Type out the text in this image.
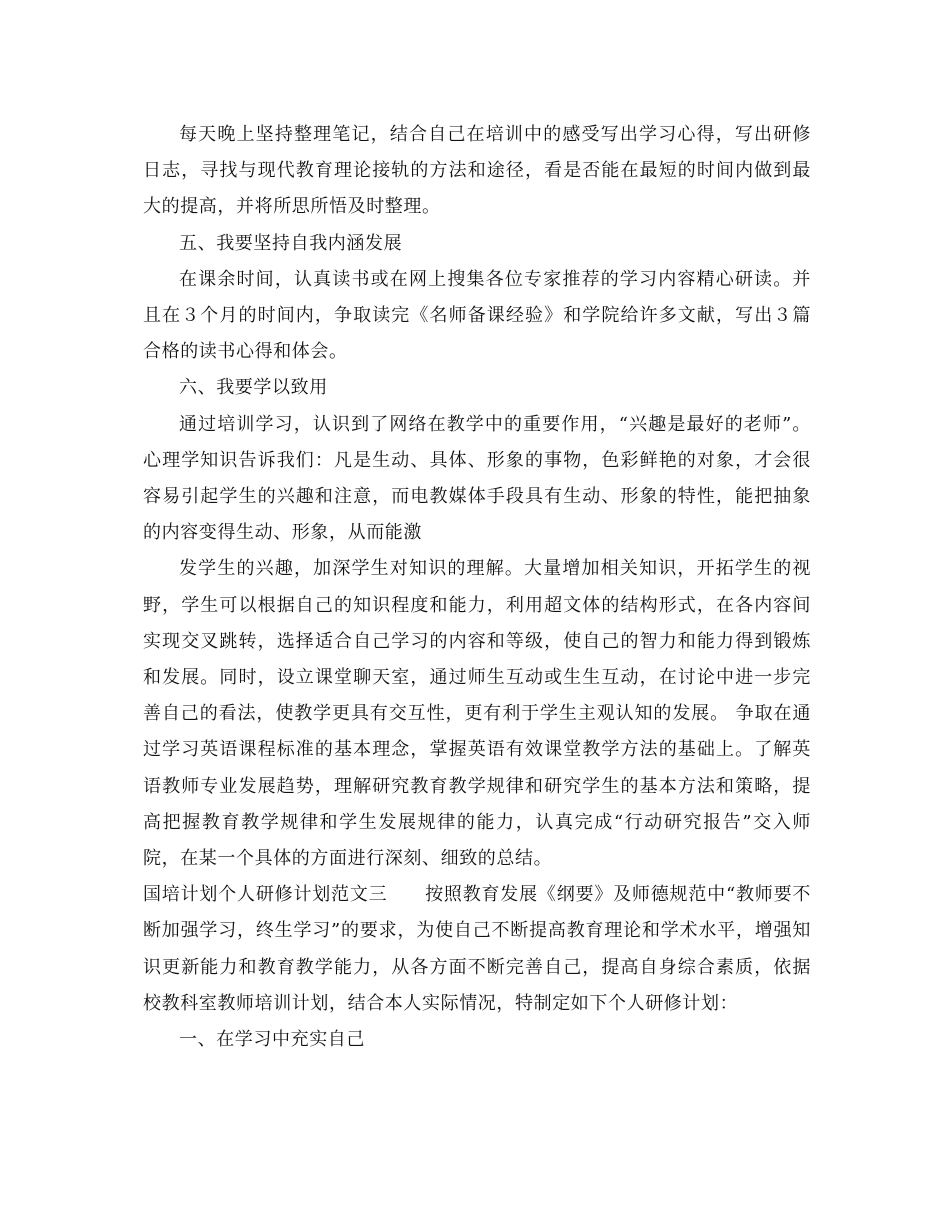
每天晚上坚持整理笔记，结合自己在培训中的感受写出学习心得，写出研修日志，寻找与现代教育理论接轨的方法和途径，看是否能在最短的时间内做到最大的提高，并将所思所悟及时整理。

五、我要坚持自我内涵发展

在课余时间，认真读书或在网上搜集各位专家推荐的学习内容精心研读。并且在３个月的时间内，争取读完《名师备课经验》和学院给许多文献，写出３篇合格的读书心得和体会。

六、我要学以致用

通过培训学习，认识到了网络在教学中的重要作用，“兴趣是最好的老师”。心理学知识告诉我们：凡是生动、具体、形象的事物，色彩鲜艳的对象，才会很容易引起学生的兴趣和注意，而电教媒体手段具有生动、形象的特性，能把抽象的内容变得生动、形象，从而能激

发学生的兴趣，加深学生对知识的理解。大量增加相关知识，开拓学生的视野，学生可以根据自己的知识程度和能力，利用超文体的结构形式，在各内容间实现交叉跳转，选择适合自己学习的内容和等级，使自己的智力和能力得到锻炼和发展。同时，设立课堂聊天室，通过师生互动或生生互动，在讨论中进一步完善自己的看法，使教学更具有交互性，更有利于学生主观认知的发展。 争取在通过学习英语课程标准的基本理念，掌握英语有效课堂教学方法的基础上。了解英语教师专业发展趋势，理解研究教育教学规律和研究学生的基本方法和策略，提高把握教育教学规律和学生发展规律的能力，认真完成“行动研究报告”交入师院，在某一个具体的方面进行深刻、细致的总结。

国培计划个人研修计划范文三　　按照教育发展《纲要》及师德规范中“教师要不断加强学习，终生学习”的要求，为使自己不断提高教育理论和学术水平，增强知识更新能力和教育教学能力，从各方面不断完善自己，提高自身综合素质，依据校教科室教师培训计划，结合本人实际情况，特制定如下个人研修计划：

一、在学习中充实自己
